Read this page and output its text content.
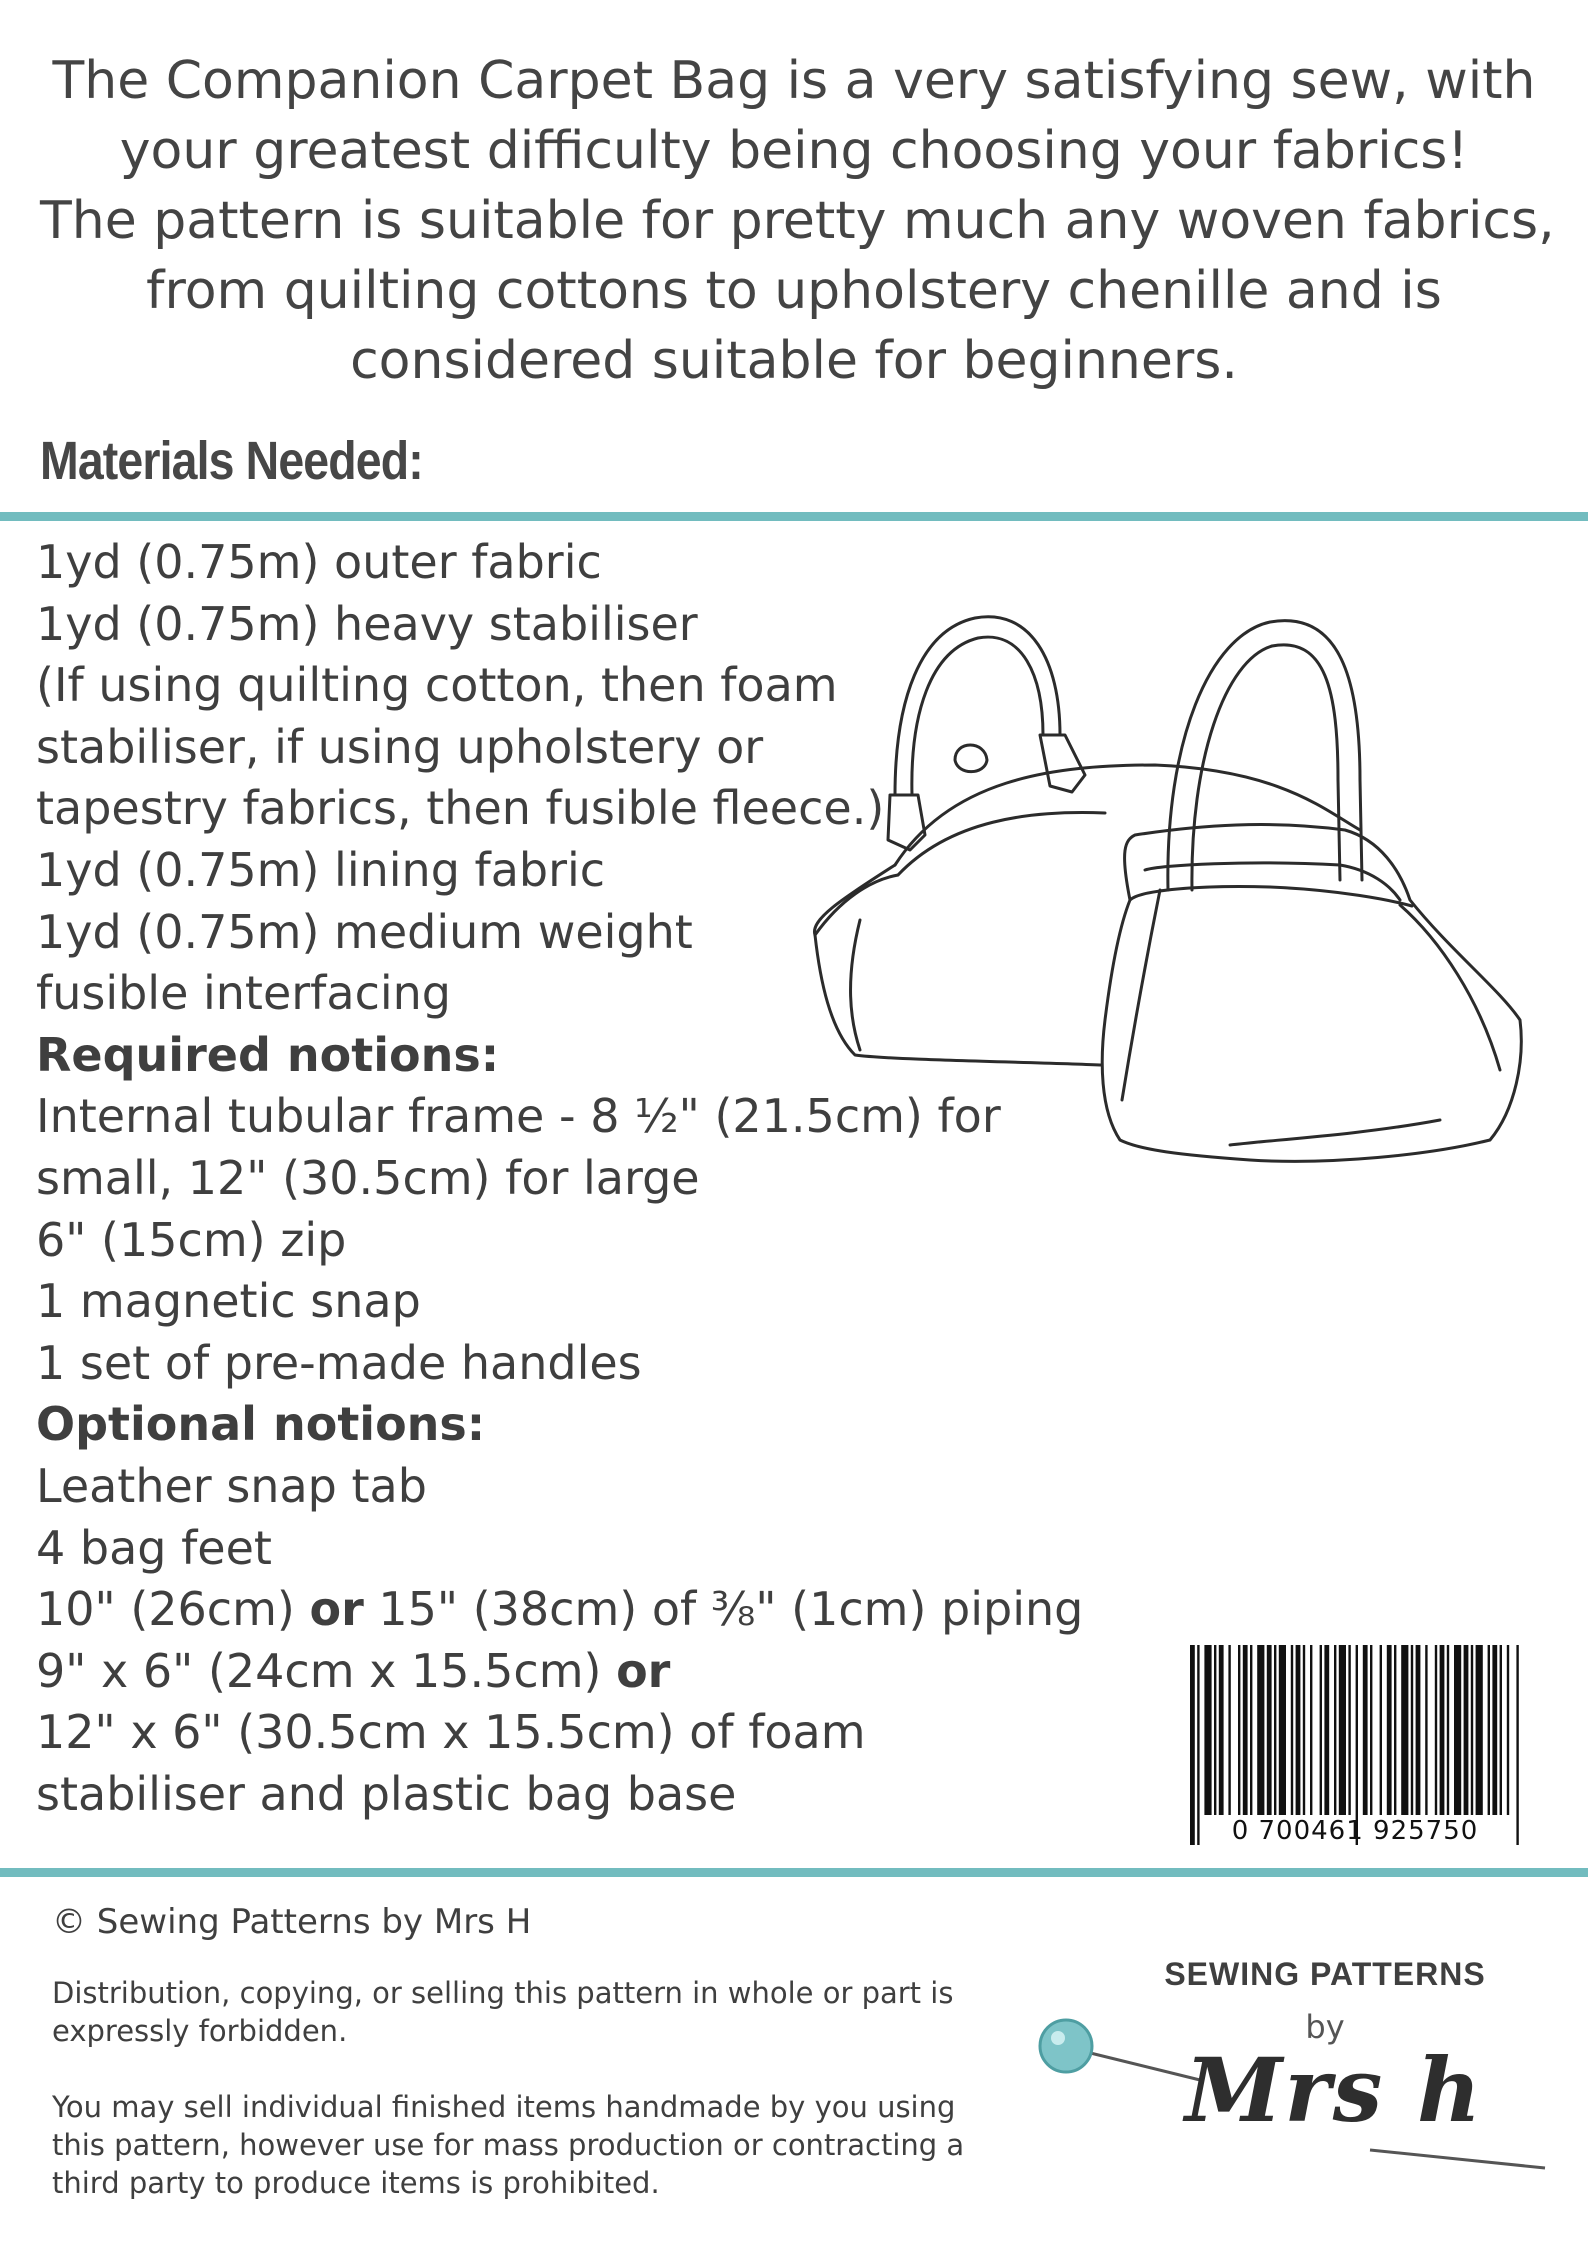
The Companion Carpet Bag is a very satisfying sew, with
your greatest difficulty being choosing your fabrics!
The pattern is suitable for pretty much any woven fabrics,
from quilting cottons to upholstery chenille and is
considered suitable for beginners.
Materials Needed:
1yd (0.75m) outer fabric
1yd (0.75m) heavy stabiliser
(If using quilting cotton, then foam
stabiliser, if using upholstery or
tapestry fabrics, then fusible fleece.)
1yd (0.75m) lining fabric
1yd (0.75m) medium weight
fusible interfacing
Required notions:
Internal tubular frame - 8 ½" (21.5cm) for
small, 12" (30.5cm) for large
6" (15cm) zip
1 magnetic snap
1 set of pre-made handles
Optional notions:
Leather snap tab
4 bag feet
10" (26cm) or 15" (38cm) of ⅜" (1cm) piping
9" x 6" (24cm x 15.5cm) or
12" x 6" (30.5cm x 15.5cm) of foam
stabiliser and plastic bag base
0 700461 925750
© Sewing Patterns by Mrs H
Distribution, copying, or selling this pattern in whole or part is expressly forbidden.
You may sell individual finished items handmade by you using this pattern, however use for mass production or contracting a third party to produce items is prohibited.
SEWING PATTERNS
by
Mrs h
